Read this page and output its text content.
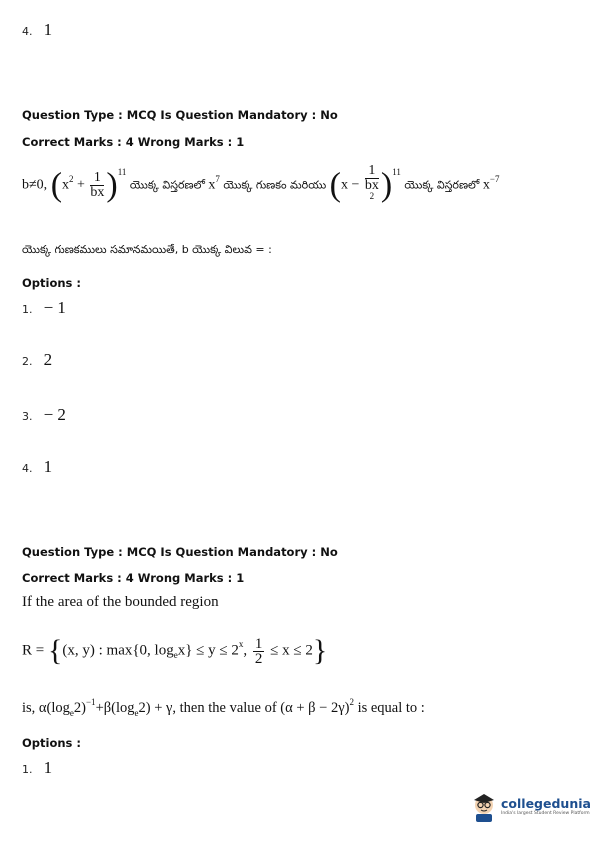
4. 1
Question Type : MCQ Is Question Mandatory : No
Correct Marks : 4 Wrong Marks : 1
b≠0, $(x^2 + \frac{1}{bx} )^{11}$ యొక్క విస్తరణలో $x^7$ యొక్క గుణకం మరియు (x − 1
bx
2 )$^{11}$ యొక్క విస్తరణలో $x^{-7}$
యొక్క గుణకములు సమానమయితే, b యొక్క విలువ = :
Options :
1. − 1
2. 2
3. − 2
4. 1
Question Type : MCQ Is Question Mandatory : No
Correct Marks : 4 Wrong Marks : 1
If the area of the bounded region
R = {(x, y) : max{0, $\log_ex\} \le y \le 2^x$, $\frac{1}{2} \le x \le 2$}
is, $\alpha(\log_e2)^{-1}+\beta(\log_e2) + \gamma$, then the value of $(\alpha + \beta - 2\gamma)^2$ is equal to :
Options :
1. 1
collegedunia
India's largest Student Review Platform
